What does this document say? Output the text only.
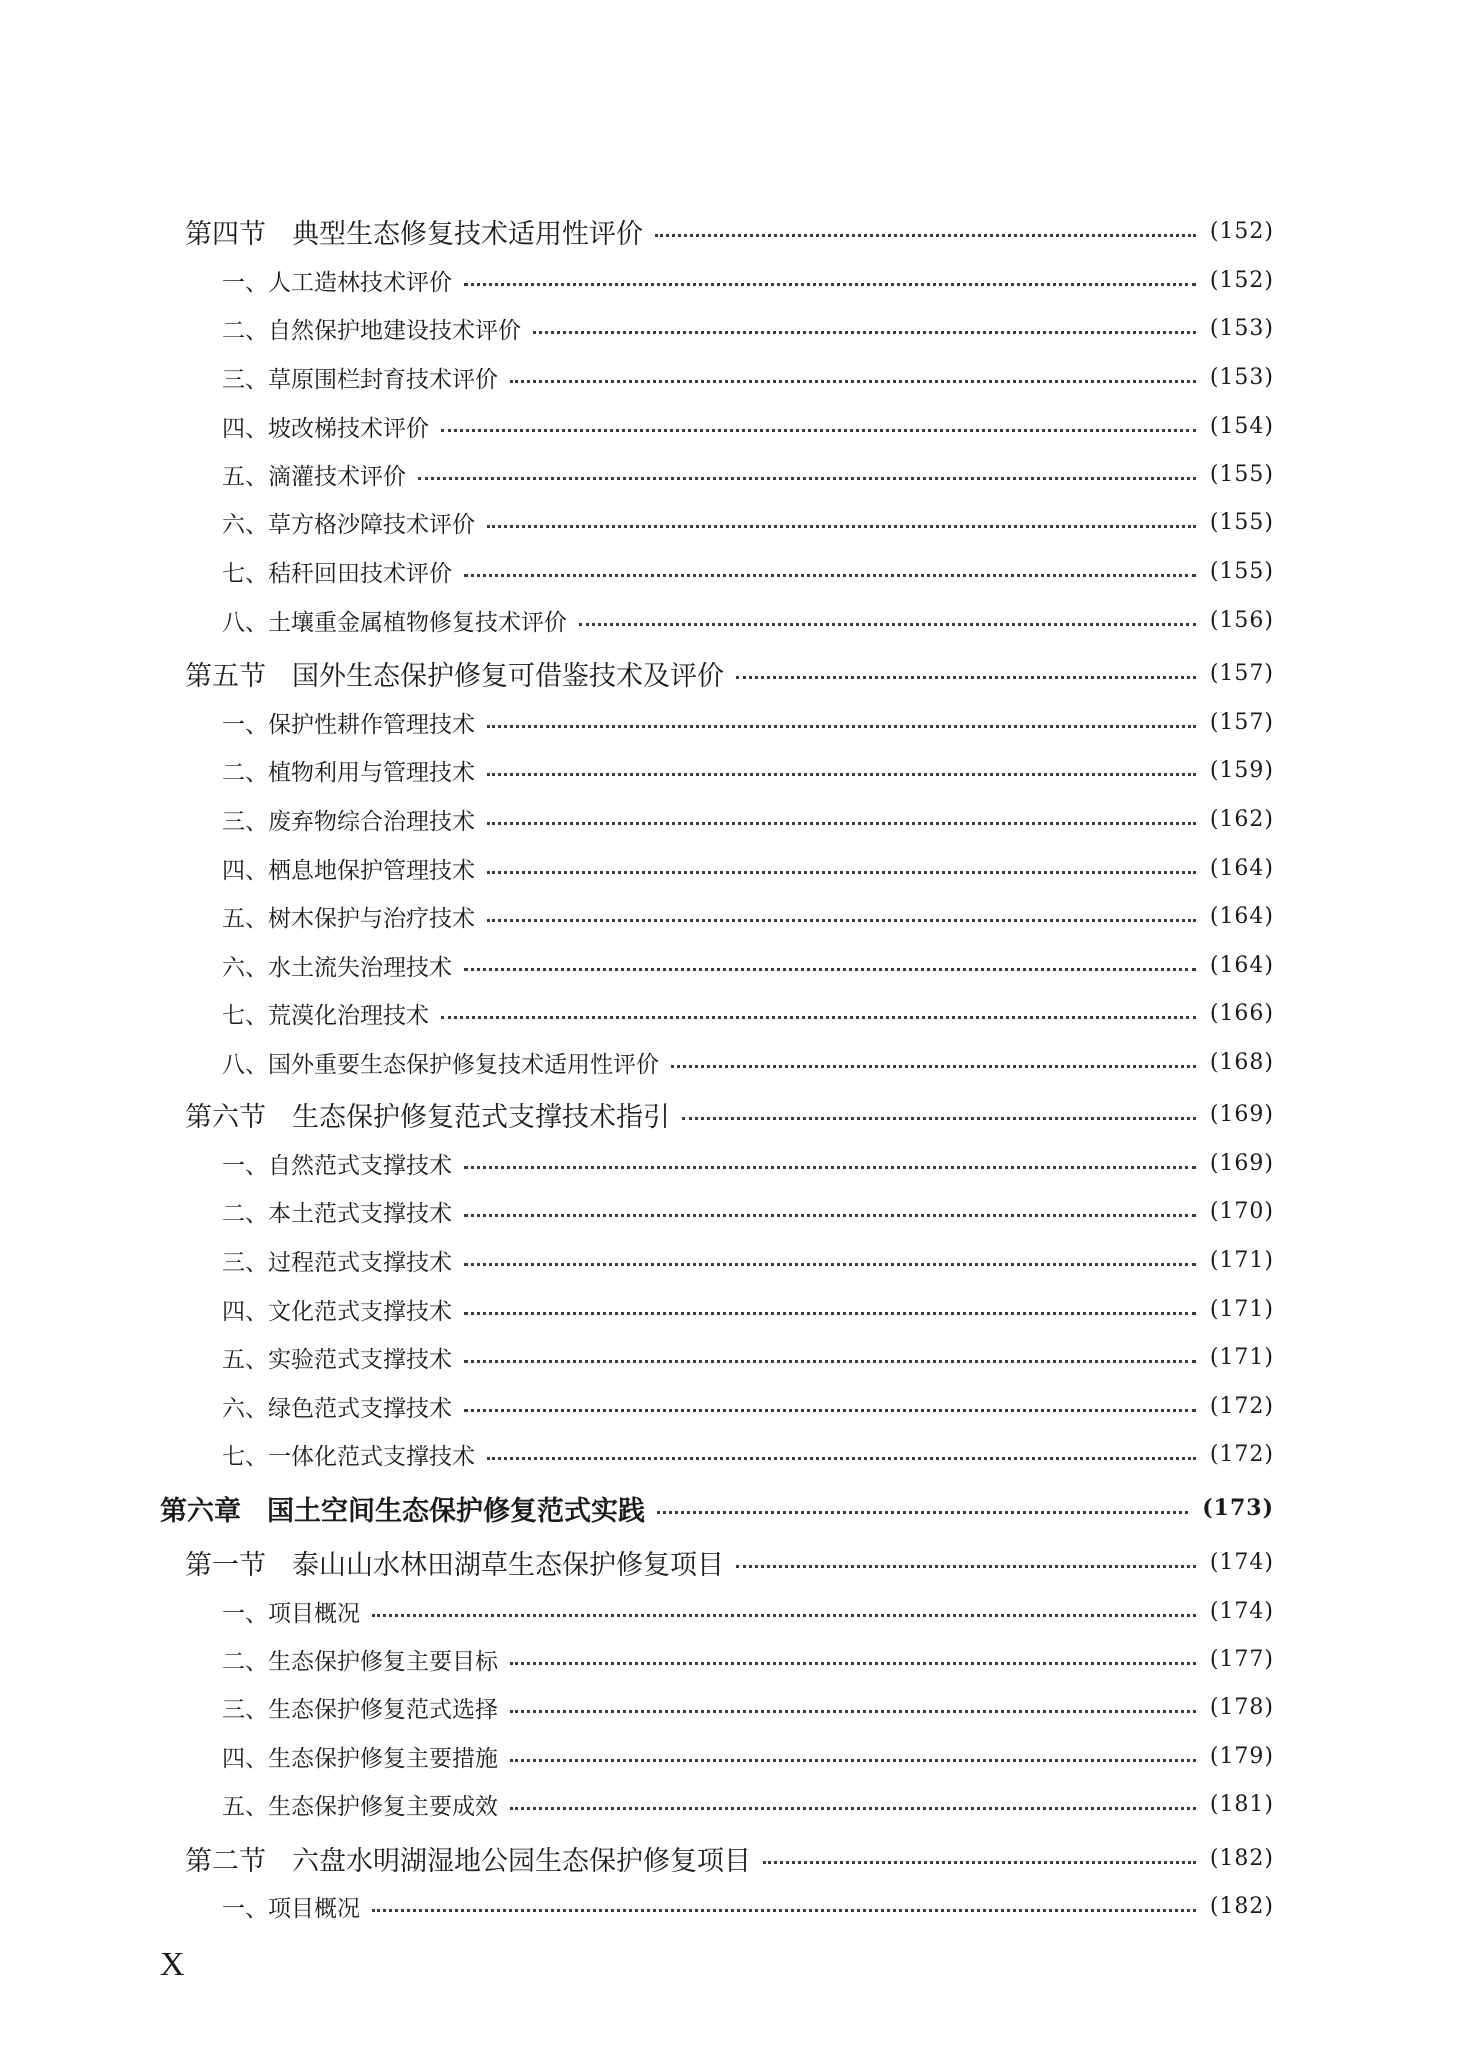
第四节 典型生态修复技术适用性评价	(152)
一、人工造林技术评价	(152)
二、自然保护地建设技术评价	(153)
三、草原围栏封育技术评价	(153)
四、坡改梯技术评价	(154)
五、滴灌技术评价	(155)
六、草方格沙障技术评价	(155)
七、秸秆回田技术评价	(155)
八、土壤重金属植物修复技术评价	(156)
第五节 国外生态保护修复可借鉴技术及评价	(157)
一、保护性耕作管理技术	(157)
二、植物利用与管理技术	(159)
三、废弃物综合治理技术	(162)
四、栖息地保护管理技术	(164)
五、树木保护与治疗技术	(164)
六、水土流失治理技术	(164)
七、荒漠化治理技术	(166)
八、国外重要生态保护修复技术适用性评价	(168)
第六节 生态保护修复范式支撑技术指引	(169)
一、自然范式支撑技术	(169)
二、本土范式支撑技术	(170)
三、过程范式支撑技术	(171)
四、文化范式支撑技术	(171)
五、实验范式支撑技术	(171)
六、绿色范式支撑技术	(172)
七、一体化范式支撑技术	(172)
第六章 国土空间生态保护修复范式实践	(173)
第一节 泰山山水林田湖草生态保护修复项目	(174)
一、项目概况	(174)
二、生态保护修复主要目标	(177)
三、生态保护修复范式选择	(178)
四、生态保护修复主要措施	(179)
五、生态保护修复主要成效	(181)
第二节 六盘水明湖湿地公园生态保护修复项目	(182)
一、项目概况	(182)
X
